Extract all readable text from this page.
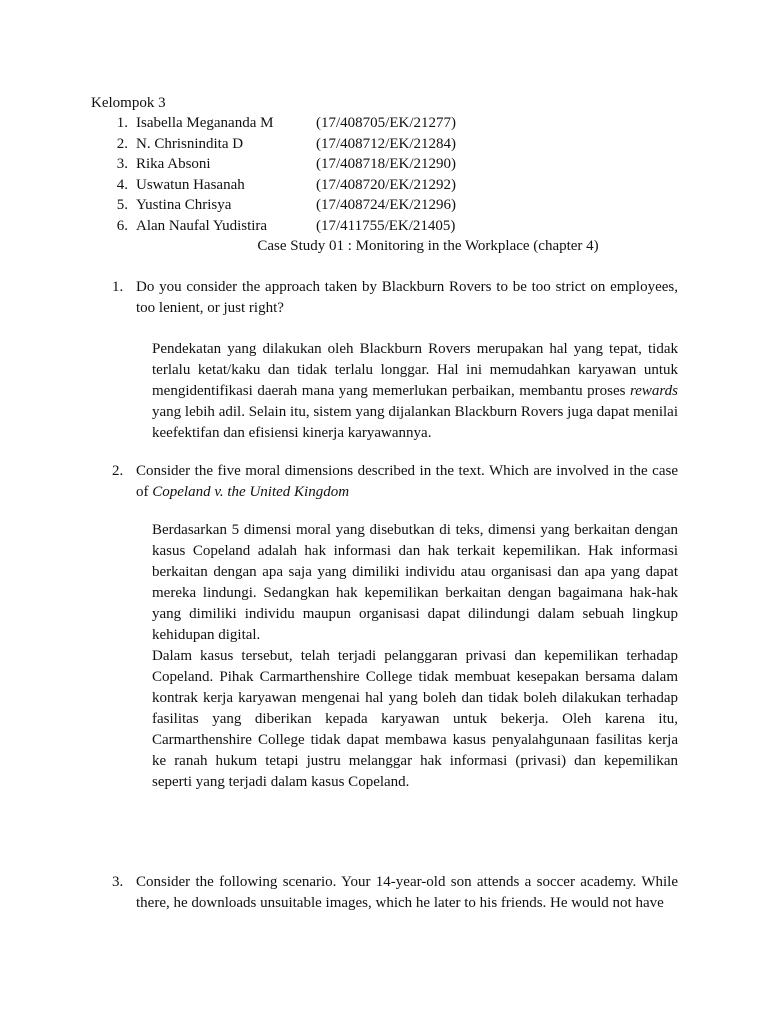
Kelompok 3
1. Isabella Megananda M	(17/408705/EK/21277)
2. N. Chrisnindita D	(17/408712/EK/21284)
3. Rika Absoni	(17/408718/EK/21290)
4. Uswatun Hasanah	(17/408720/EK/21292)
5. Yustina Chrisya	(17/408724/EK/21296)
6. Alan Naufal Yudistira	(17/411755/EK/21405)
Case Study 01 : Monitoring in the Workplace (chapter 4)
1. Do you consider the approach taken by Blackburn Rovers to be too strict on employees, too lenient, or just right?

Pendekatan yang dilakukan oleh Blackburn Rovers merupakan hal yang tepat, tidak terlalu ketat/kaku dan tidak terlalu longgar. Hal ini memudahkan karyawan untuk mengidentifikasi daerah mana yang memerlukan perbaikan, membantu proses rewards yang lebih adil. Selain itu, sistem yang dijalankan Blackburn Rovers juga dapat menilai keefektifan dan efisiensi kinerja karyawannya.

2. Consider the five moral dimensions described in the text. Which are involved in the case of Copeland v. the United Kingdom

Berdasarkan 5 dimensi moral yang disebutkan di teks, dimensi yang berkaitan dengan kasus Copeland adalah hak informasi dan hak terkait kepemilikan. Hak informasi berkaitan dengan apa saja yang dimiliki individu atau organisasi dan apa yang dapat mereka lindungi. Sedangkan hak kepemilikan berkaitan dengan bagaimana hak-hak yang dimiliki individu maupun organisasi dapat dilindungi dalam sebuah lingkup kehidupan digital.

Dalam kasus tersebut, telah terjadi pelanggaran privasi dan kepemilikan terhadap Copeland. Pihak Carmarthenshire College tidak membuat kesepakan bersama dalam kontrak kerja karyawan mengenai hal yang boleh dan tidak boleh dilakukan terhadap fasilitas yang diberikan kepada karyawan untuk bekerja. Oleh karena itu, Carmarthenshire College tidak dapat membawa kasus penyalahgunaan fasilitas kerja ke ranah hukum tetapi justru melanggar hak informasi (privasi) dan kepemilikan seperti yang terjadi dalam kasus Copeland.

3. Consider the following scenario. Your 14-year-old son attends a soccer academy. While there, he downloads unsuitable images, which he later to his friends. He would not have
